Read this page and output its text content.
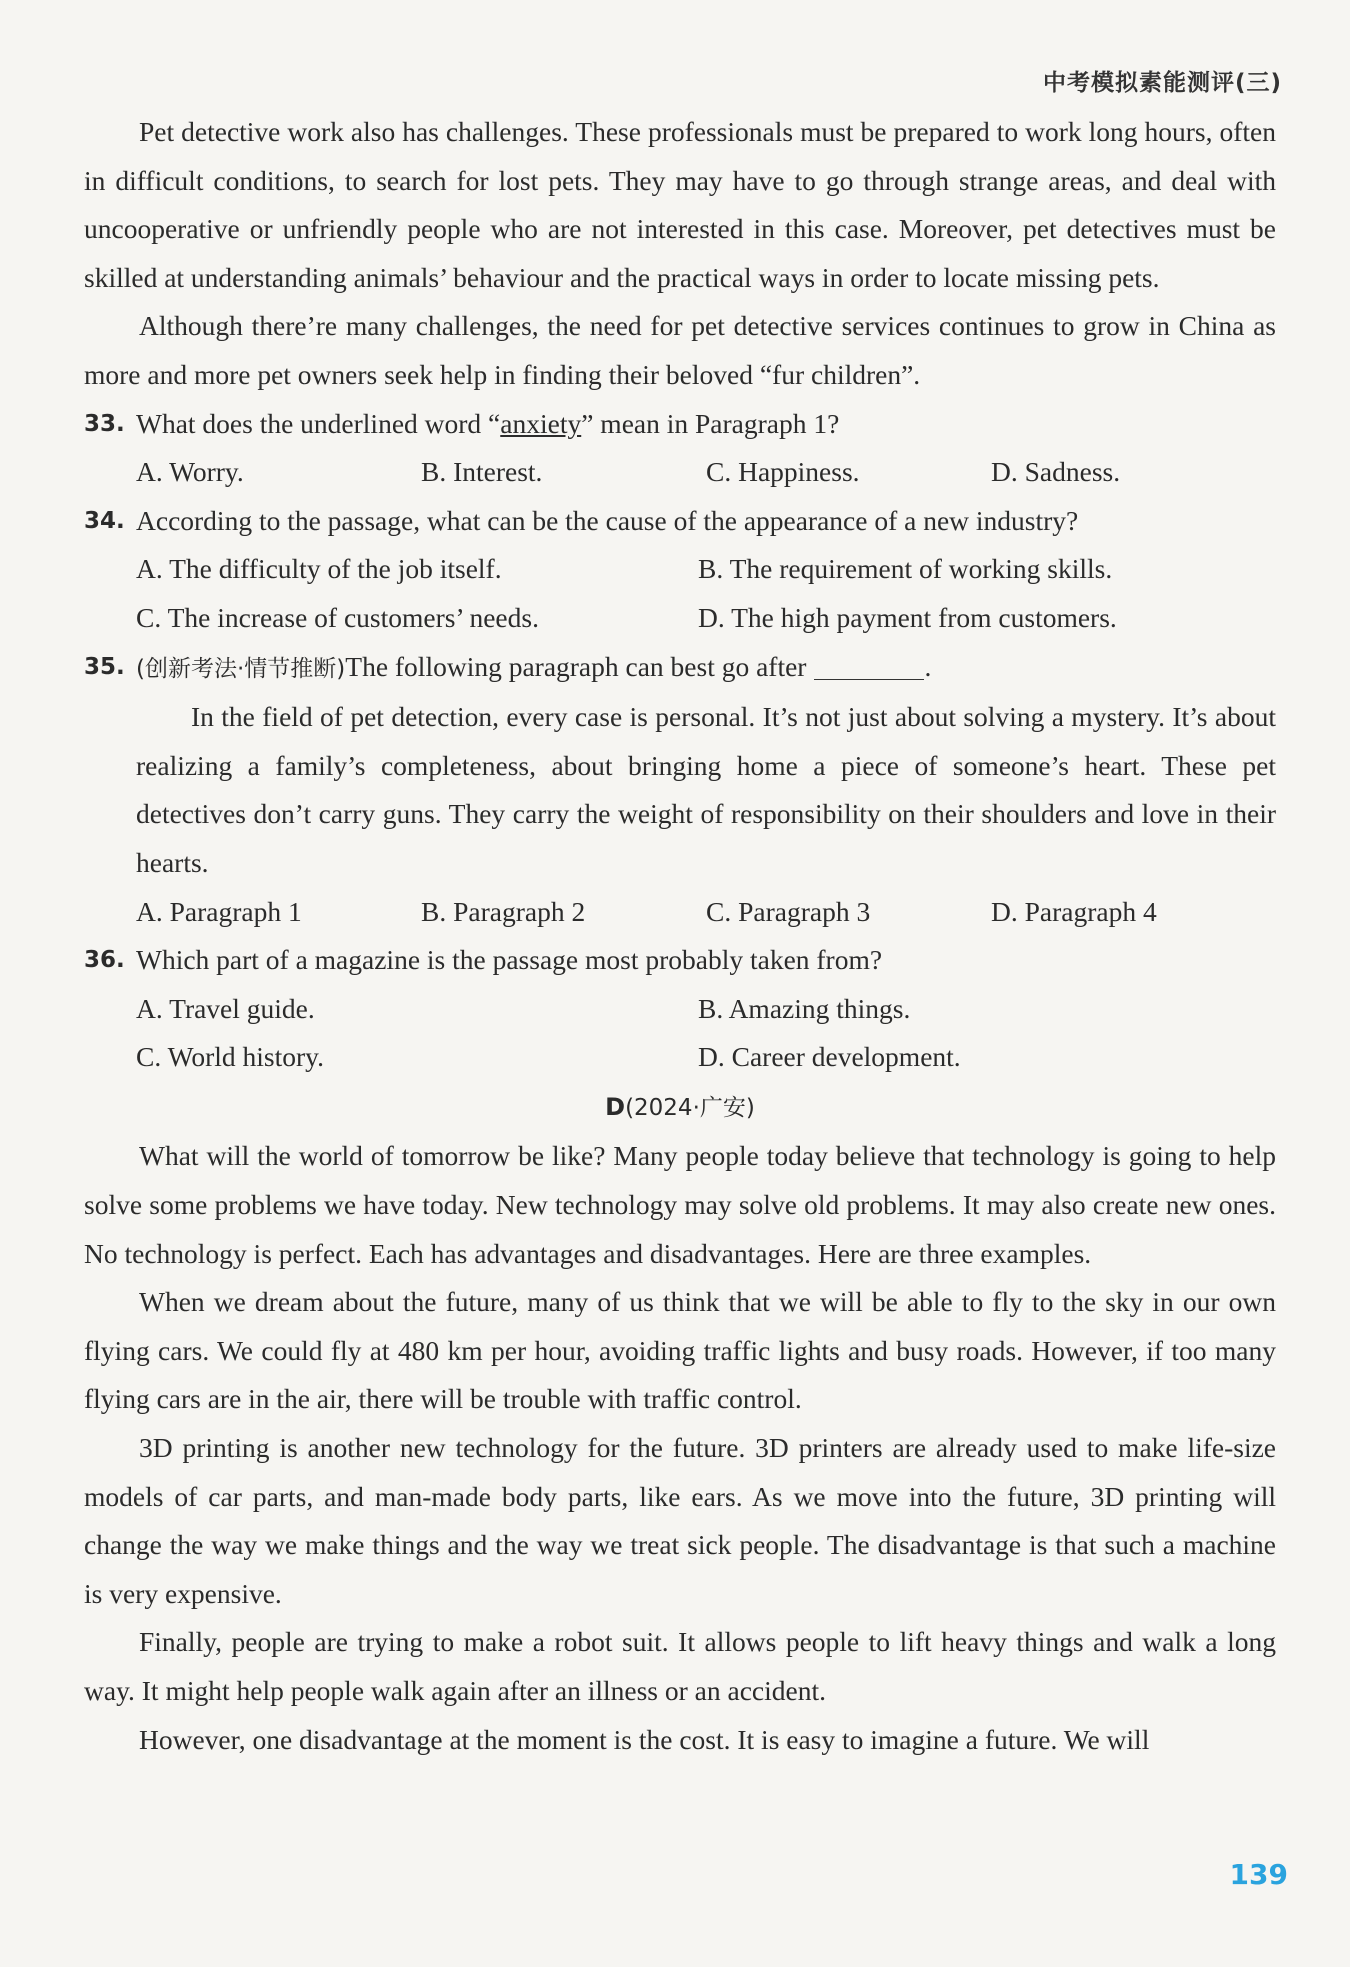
中考模拟素能测评(三)

Pet detective work also has challenges. These professionals must be prepared to work long hours, often in difficult conditions, to search for lost pets. They may have to go through strange areas, and deal with uncooperative or unfriendly people who are not interested in this case. Moreover, pet detectives must be skilled at understanding animals’ behaviour and the practical ways in order to locate missing pets.

Although there’re many challenges, the need for pet detective services continues to grow in China as more and more pet owners seek help in finding their beloved “fur children”.

33. What does the underlined word “anxiety” mean in Paragraph 1?

A. Worry.	B. Interest.	C. Happiness.	D. Sadness.

34. According to the passage, what can be the cause of the appearance of a new industry?

A. The difficulty of the job itself.	B. The requirement of working skills.
C. The increase of customers’ needs.	D. The high payment from customers.

35. (创新考法·情节推断)The following paragraph can best go after	.

In the field of pet detection, every case is personal. It’s not just about solving a mystery. It’s about realizing a family’s completeness, about bringing home a piece of someone’s heart. These pet detectives don’t carry guns. They carry the weight of responsibility on their shoulders and love in their hearts.

A. Paragraph 1	B. Paragraph 2	C. Paragraph 3	D. Paragraph 4

36. Which part of a magazine is the passage most probably taken from?

A. Travel guide.	B. Amazing things.
C. World history.	D. Career development.

D(2024·广安)

What will the world of tomorrow be like? Many people today believe that technology is going to help solve some problems we have today. New technology may solve old problems. It may also create new ones. No technology is perfect. Each has advantages and disadvantages. Here are three examples.

When we dream about the future, many of us think that we will be able to fly to the sky in our own flying cars. We could fly at 480 km per hour, avoiding traffic lights and busy roads. However, if too many flying cars are in the air, there will be trouble with traffic control.

3D printing is another new technology for the future. 3D printers are already used to make life-size models of car parts, and man-made body parts, like ears. As we move into the future, 3D printing will change the way we make things and the way we treat sick people. The disadvantage is that such a machine is very expensive.

Finally, people are trying to make a robot suit. It allows people to lift heavy things and walk a long way. It might help people walk again after an illness or an accident.

However, one disadvantage at the moment is the cost. It is easy to imagine a future. We will

139
